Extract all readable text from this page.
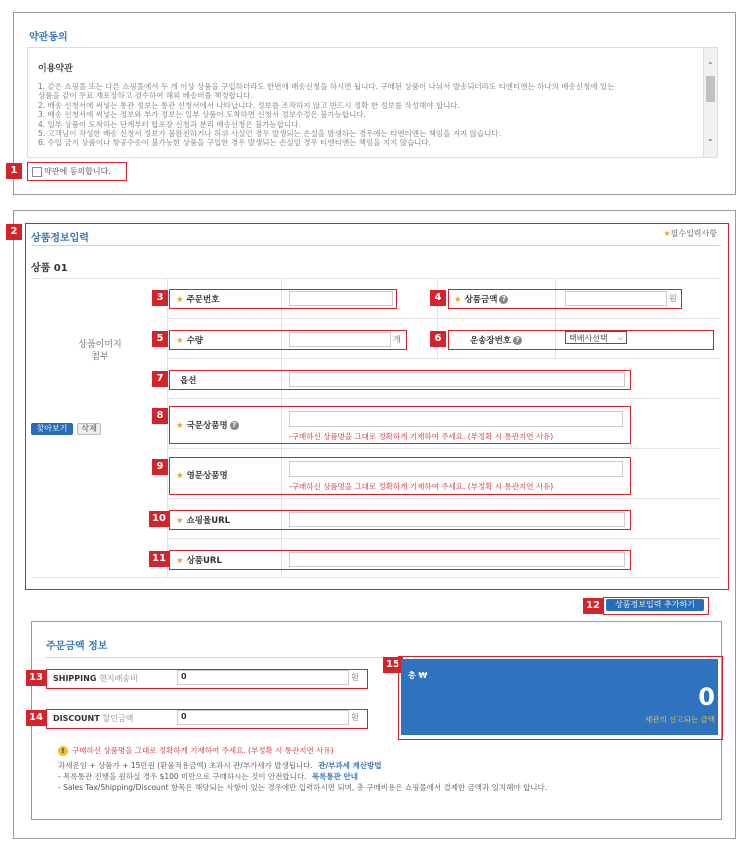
약관동의
이용약관
1. 같은 쇼핑몰 또는 다른 쇼핑몰에서 두 개 이상 상품을 구입하더라도 한번에 배송신청을 하시면 됩니다. 구매된 상품이 나눠서 발송되더라도 티앤티앤는 하나의 배송신청에 있는
상품을 같이 무료 재포장하고 검수하여 해외 배송비를 책정합니다.
2. 배송 신청서에 써넣는 통관 정보는 통관 신청서에서 나타납니다. 정보를 조작하지 않고 반드시 정확 한 정보를 작성해야 합니다.
3. 배송 신청서에 써넣는 정보와 부가 정보는 일부 상품이 도착하면 신청서 정보수정은 불가능합니다.
4. 일부 상품이 도착하는 단계부터 합포장 신청과 분리 배송신청은 불가능합니다.
5. 고객님이 작성한 배송 신청서 정보가 불완전하거나 허위 사실인 경우 발생되는 손실을 발생하는 경우에는 티앤티앤는 책임을 지지 않습니다.
6. 수입 금지 상품이나 항공수송이 불가능한 상품을 구입한 경우 발생되는 손실일 경우 티앤티앤는 책임을 지지 않습니다.
⌃
⌄
1	약관에 동의합니다.
2
상품정보입력	★필수입력사항
상품 01
상품이미지
첨부
찾아보기	삭제
3	★ 주문번호	4	★ 상품금액 ?	원
5	★ 수량	개	6	운송장번호 ?	택배사선택 ⌵
7	옵션
8
★ 국문상품명 ?
-구매하신 상품명을 그대로 정확하게 기재하여 주세요. (부정확 시 통관지연 사유)
9
★ 영문상품명
-구매하신 상품명을 그대로 정확하게 기재하여 주세요. (부정확 시 통관지연 사유)
10	★ 쇼핑몰URL
11	★ 상품URL
12	상품정보입력 추가하기
주문금액 정보
13	SHIPPING 현지배송비	0	원
14	DISCOUNT 할인금액	0	원
15
총 ₩
0
세관의 신고되는 금액
! 구매하신 상품명을 그대로 정확하게 기재하여 주세요. (부정확 시 통관지연 사유)
과세운임 + 상품가 + 15만원 (환율적용금액) 초과시 관/부가세가 발생됩니다. 관/부과세 계산방법
- 목록통관 진행을 원하실 경우 $100 미만으로 구매하시는 것이 안전합니다. 목록통관 안내
- Sales Tax/Shipping/Discount 항목은 해당되는 사항이 있는 경우에만 입력하시면 되며, 총 구매비용은 쇼핑몰에서 결제한 금액과 일치해야 합니다.
